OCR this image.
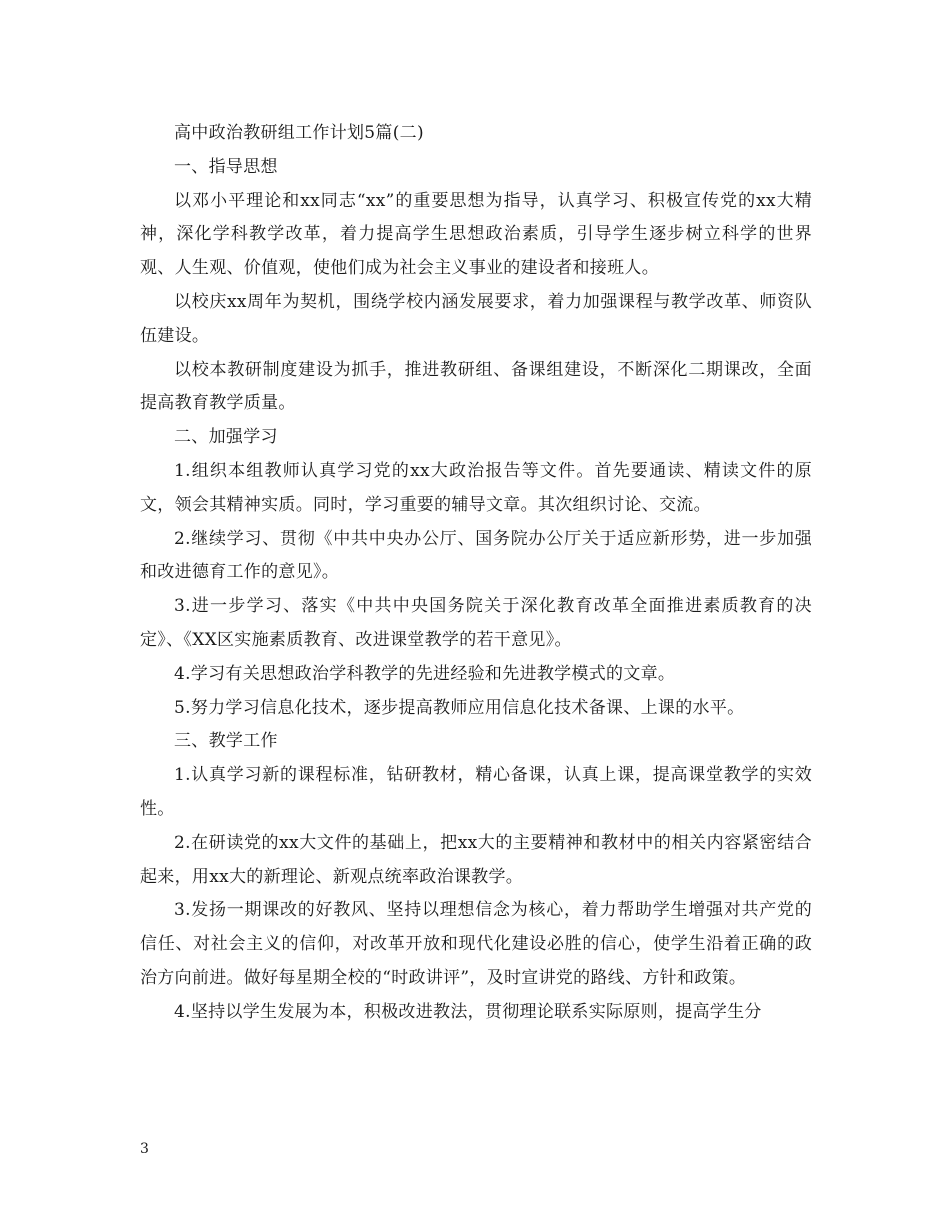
高中政治教研组工作计划5篇(二)

一、指导思想

以邓小平理论和xx同志“xx”的重要思想为指导，认真学习、积极宣传党的xx大精神，深化学科教学改革，着力提高学生思想政治素质，引导学生逐步树立科学的世界观、人生观、价值观，使他们成为社会主义事业的建设者和接班人。

以校庆xx周年为契机，围绕学校内涵发展要求，着力加强课程与教学改革、师资队伍建设。

以校本教研制度建设为抓手，推进教研组、备课组建设，不断深化二期课改，全面提高教育教学质量。

二、加强学习

1.组织本组教师认真学习党的xx大政治报告等文件。首先要通读、精读文件的原文，领会其精神实质。同时，学习重要的辅导文章。其次组织讨论、交流。

2.继续学习、贯彻《中共中央办公厅、国务院办公厅关于适应新形势，进一步加强和改进德育工作的意见》。

3.进一步学习、落实《中共中央国务院关于深化教育改革全面推进素质教育的决定》、《XX区实施素质教育、改进课堂教学的若干意见》。

4.学习有关思想政治学科教学的先进经验和先进教学模式的文章。

5.努力学习信息化技术，逐步提高教师应用信息化技术备课、上课的水平。

三、教学工作

1.认真学习新的课程标准，钻研教材，精心备课，认真上课，提高课堂教学的实效性。

2.在研读党的xx大文件的基础上，把xx大的主要精神和教材中的相关内容紧密结合起来，用xx大的新理论、新观点统率政治课教学。

3.发扬一期课改的好教风、坚持以理想信念为核心，着力帮助学生增强对共产党的信任、对社会主义的信仰，对改革开放和现代化建设必胜的信心，使学生沿着正确的政治方向前进。做好每星期全校的“时政讲评”，及时宣讲党的路线、方针和政策。

4.坚持以学生发展为本，积极改进教法，贯彻理论联系实际原则，提高学生分

3
